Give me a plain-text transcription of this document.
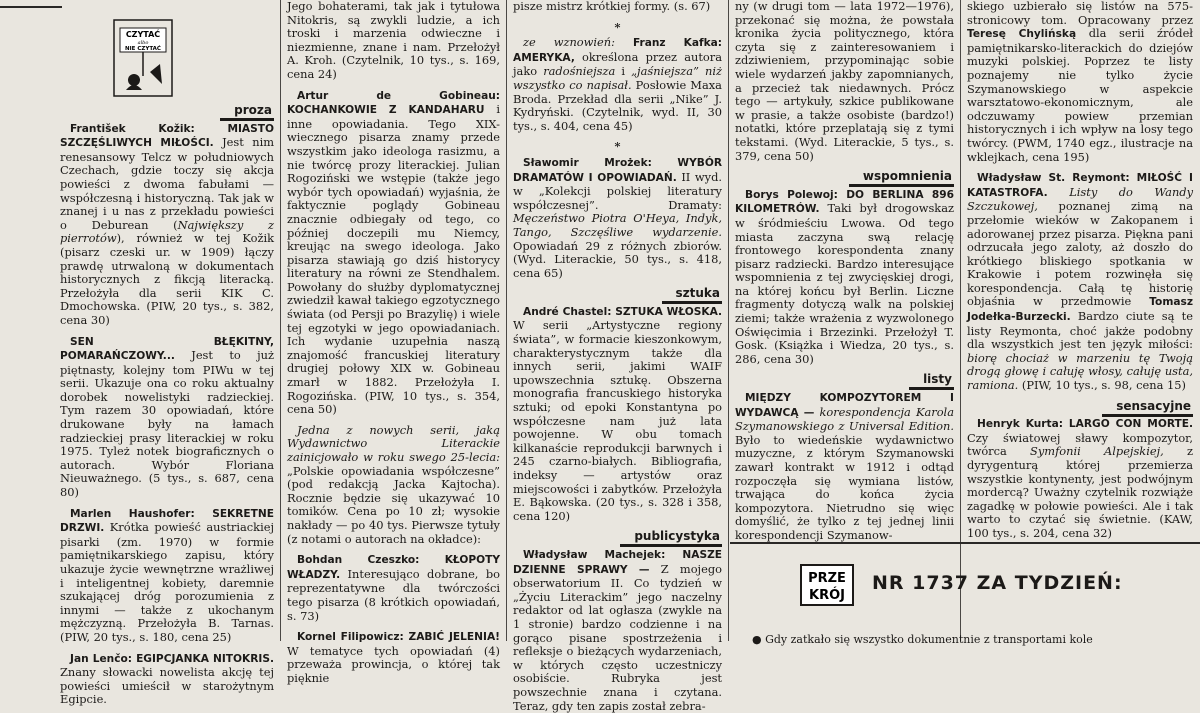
CZYTAĆ
albo
NIE CZYTAĆ
proza

František Kožik:	MIASTO SZCZĘŚLIWYCH MIŁOŚCI. Jest nim renesansowy Telcz w południowych Czechach, gdzie toczy się akcja powieści z dwoma fabułami — współczesną i historyczną. Tak jak w znanej i u nas z przekładu powieści o Deburean (Największy z pierrotów), również w tej Kožik (pisarz czeski ur. w 1909) łączy prawdę utrwaloną w dokumentach historycznych z fikcją literacką. Przełożyła dla serii KIK C. Dmochowska. (PIW, 20 tys., s. 382, cena 30)

SEN BŁĘKITNY, POMARAŃCZOWY... Jest to już piętnasty, kolejny tom PIWu w tej serii. Ukazuje ona co roku aktualny dorobek nowelistyki radzieckiej. Tym razem 30 opowiadań, które drukowane były na łamach radzieckiej prasy literackiej w roku 1975. Tyleż notek biograficznych o autorach. Wybór Floriana Nieuważnego. (5 tys., s. 687, cena 80)

Marlen Haushofer: SEKRETNE DRZWI. Krótka powieść austriackiej pisarki (zm. 1970) w formie pamiętnikarskiego zapisu, który ukazuje życie wewnętrzne wrażliwej i inteligentnej kobiety, daremnie szukającej dróg porozumienia z innymi — także z ukochanym mężczyzną. Przełożyła B. Tarnas. (PIW, 20 tys., s. 180, cena 25)

Jan Lenčo: EGIPCJANKA NITOKRIS. Znany słowacki nowelista akcję tej powieści umieścił w starożytnym Egipcie.

Jego bohaterami, tak jak i tytułowa Nitokris, są zwykli ludzie, a ich troski i marzenia odwieczne i niezmienne, znane i nam. Przełożył A. Kroh. (Czytelnik, 10 tys., s. 169, cena 24)

Artur de Gobineau: KOCHANKOWIE Z KANDAHARU i inne opowiadania. Tego XIX-wiecznego pisarza znamy przede wszystkim jako ideologa rasizmu, a nie twórcę prozy literackiej. Julian Rogoziński we wstępie (także jego wybór tych opowiadań) wyjaśnia, że faktycznie poglądy Gobineau znacznie odbiegały od tego, co później doczepili mu Niemcy, kreując na swego ideologa. Jako pisarza stawiają go dziś historycy literatury na równi ze Stendhalem. Powołany do służby dyplomatycznej zwiedził kawał takiego egzotycznego świata (od Persji po Brazylię) i wiele tej egzotyki w jego opowiadaniach. Ich wydanie uzupełnia naszą znajomość francuskiej literatury drugiej połowy XIX w. Gobineau zmarł w 1882. Przełożyła I. Rogozińska. (PIW, 10 tys., s. 354, cena 50)

Jedna z nowych serii, jaką Wydawnictwo Literackie zainicjowało w roku swego 25-lecia: „Polskie opowiadania współczesne” (pod redakcją Jacka Kajtocha). Rocznie będzie się ukazywać 10 tomików. Cena po 10 zł; wysokie nakłady — po 40 tys. Pierwsze tytuły (z notami o autorach na okładce):

Bohdan Czeszko: KŁOPOTY WŁADZY. Interesująco dobrane, bo reprezentatywne dla twórczości tego pisarza (8 krótkich opowiadań, s. 73)

Kornel Filipowicz: ZABIĆ JELENIA! W tematyce tych opowiadań (4) przeważa prowincja, o której tak pięknie

pisze mistrz krótkiej formy. (s. 67)

*

ze wznowień: Franz Kafka: AMERYKA, określona przez autora jako radośniejsza i „jaśniejsza” niż wszystko co napisał. Posłowie Maxa Broda. Przekład dla serii „Nike” J. Kydryński. (Czytelnik, wyd. II, 30 tys., s. 404, cena 45)

*

Sławomir Mrożek: WYBÓR DRAMATÓW I OPOWIADAŃ. II wyd. w „Kolekcji polskiej literatury współczesnej”. Dramaty: Męczeństwo Piotra O'Heya, Indyk, Tango, Szczęśliwe wydarzenie. Opowiadań 29 z różnych zbiorów. (Wyd. Literackie, 50 tys., s. 418, cena 65)

sztuka

André Chastel: SZTUKA WŁOSKA. W serii „Artystyczne regiony świata”, w formacie kieszonkowym, charakterystycznym także dla innych serii, jakimi WAIF upowszechnia sztukę. Obszerna monografia francuskiego historyka sztuki; od epoki Konstantyna po współczesne nam już lata powojenne. W obu tomach kilkanaście reprodukcji barwnych i 245 czarno-białych. Bibliografia, indeksy — artystów oraz miejscowości i zabytków. Przełożyła E. Bąkowska. (20 tys., s. 328 i 358, cena 120)

publicystyka

Władysław Machejek: NASZE DZIENNE SPRAWY — Z mojego obserwatorium II. Co tydzień w „Życiu Literackim” jego naczelny redaktor od lat ogłasza (zwykle na 1 stronie) bardzo codzienne i na gorąco pisane spostrzeżenia i refleksje o bieżących wydarzeniach, w których często uczestniczy osobiście. Rubryka jest powszechnie znana i czytana. Teraz, gdy ten zapis został zebra-

ny (w drugi tom — lata 1972—1976), przekonać się można, że powstała kronika życia politycznego, która czyta się z zainteresowaniem i zdziwieniem, przypominając sobie wiele wydarzeń jakby zapomnianych, a przecież tak niedawnych. Prócz tego — artykuły, szkice publikowane w prasie, a także osobiste (bardzo!) notatki, które przeplatają się z tymi tekstami. (Wyd. Literackie, 5 tys., s. 379, cena 50)

wspomnienia

Borys Polewoj: DO BERLINA 896 KILOMETRÓW. Taki był drogowskaz w śródmieściu Lwowa. Od tego miasta zaczyna swą relację frontowego korespondenta znany pisarz radziecki. Bardzo interesujące wspomnienia z tej zwycięskiej drogi, na której końcu był Berlin. Liczne fragmenty dotyczą walk na polskiej ziemi; także wrażenia z wyzwolonego Oświęcimia i Brzezinki. Przełożył T. Gosk. (Książka i Wiedza, 20 tys., s. 286, cena 30)

listy

MIĘDZY KOMPOZYTOREM I WYDAWCĄ — korespondencja Karola Szymanowskiego z Universal Edition. Było to wiedeńskie wydawnictwo muzyczne, z którym Szymanowski zawarł kontrakt w 1912 i odtąd rozpoczęła się wymiana listów, trwająca do końca życia kompozytora. Nietrudno się więc domyślić, że tylko z tej jednej linii korespondencji Szymanow-

skiego uzbierało się listów na 575-stronicowy tom. Opracowany przez Teresę Chylińską dla serii źródeł pamiętnikarsko-literackich do dziejów muzyki polskiej. Poprzez te listy poznajemy nie tylko życie Szymanowskiego w aspekcie warsztatowo-ekonomicznym, ale odczuwamy powiew przemian historycznych i ich wpływ na losy tego twórcy. (PWM, 1740 egz., ilustracje na wklejkach, cena 195)

Władysław St. Reymont: MIŁOŚĆ I KATASTROFA. Listy do Wandy Szczukowej, poznanej zimą na przełomie wieków w Zakopanem i adorowanej przez pisarza. Piękna pani odrzucała jego zaloty, aż doszło do krótkiego bliskiego spotkania w Krakowie i potem rozwinęła się korespondencja. Całą tę historię objaśnia w przedmowie Tomasz Jodełka-Burzecki. Bardzo ciute są te listy Reymonta, choć jakże podobny dla wszystkich jest ten język miłości: biorę chociaż w marzeniu tę Twoją drogą głowę i całuję włosy, całuję usta, ramiona. (PIW, 10 tys., s. 98, cena 15)

sensacyjne

Henryk Kurta: LARGO CON MORTE. Czy światowej sławy kompozytor, twórca Symfonii Alpejskiej, z dyrygenturą której przemierza wszystkie kontynenty, jest podwójnym mordercą? Uważny czytelnik rozwiąże zagadkę w połowie powieści. Ale i tak warto to czytać się świetnie. (KAW, 100 tys., s. 204, cena 32)

PRZE
KRÓJ
NR 1737 ZA TYDZIEŃ:
● Gdy zatkało się wszystko dokumentnie z transportami kole
